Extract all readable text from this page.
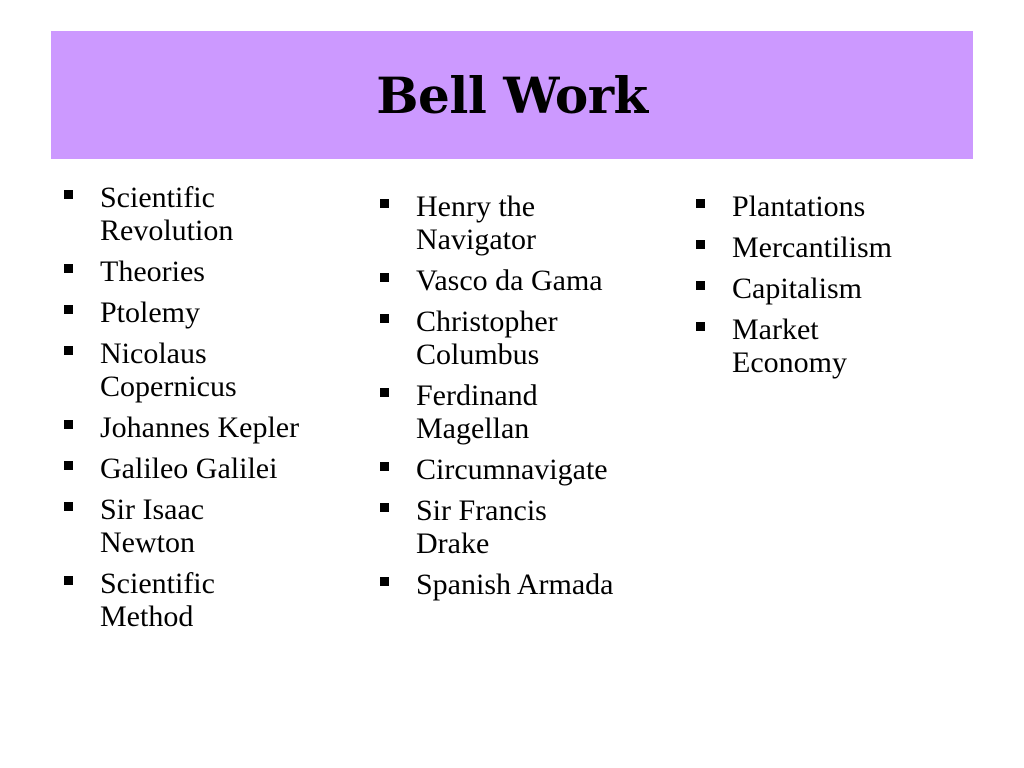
Bell Work
Scientific
Revolution
Theories
Ptolemy
Nicolaus
Copernicus
Johannes Kepler
Galileo Galilei
Sir Isaac
Newton
Scientific
Method
Henry the
Navigator
Vasco da Gama
Christopher
Columbus
Ferdinand
Magellan
Circumnavigate
Sir Francis
Drake
Spanish Armada
Plantations
Mercantilism
Capitalism
Market
Economy
